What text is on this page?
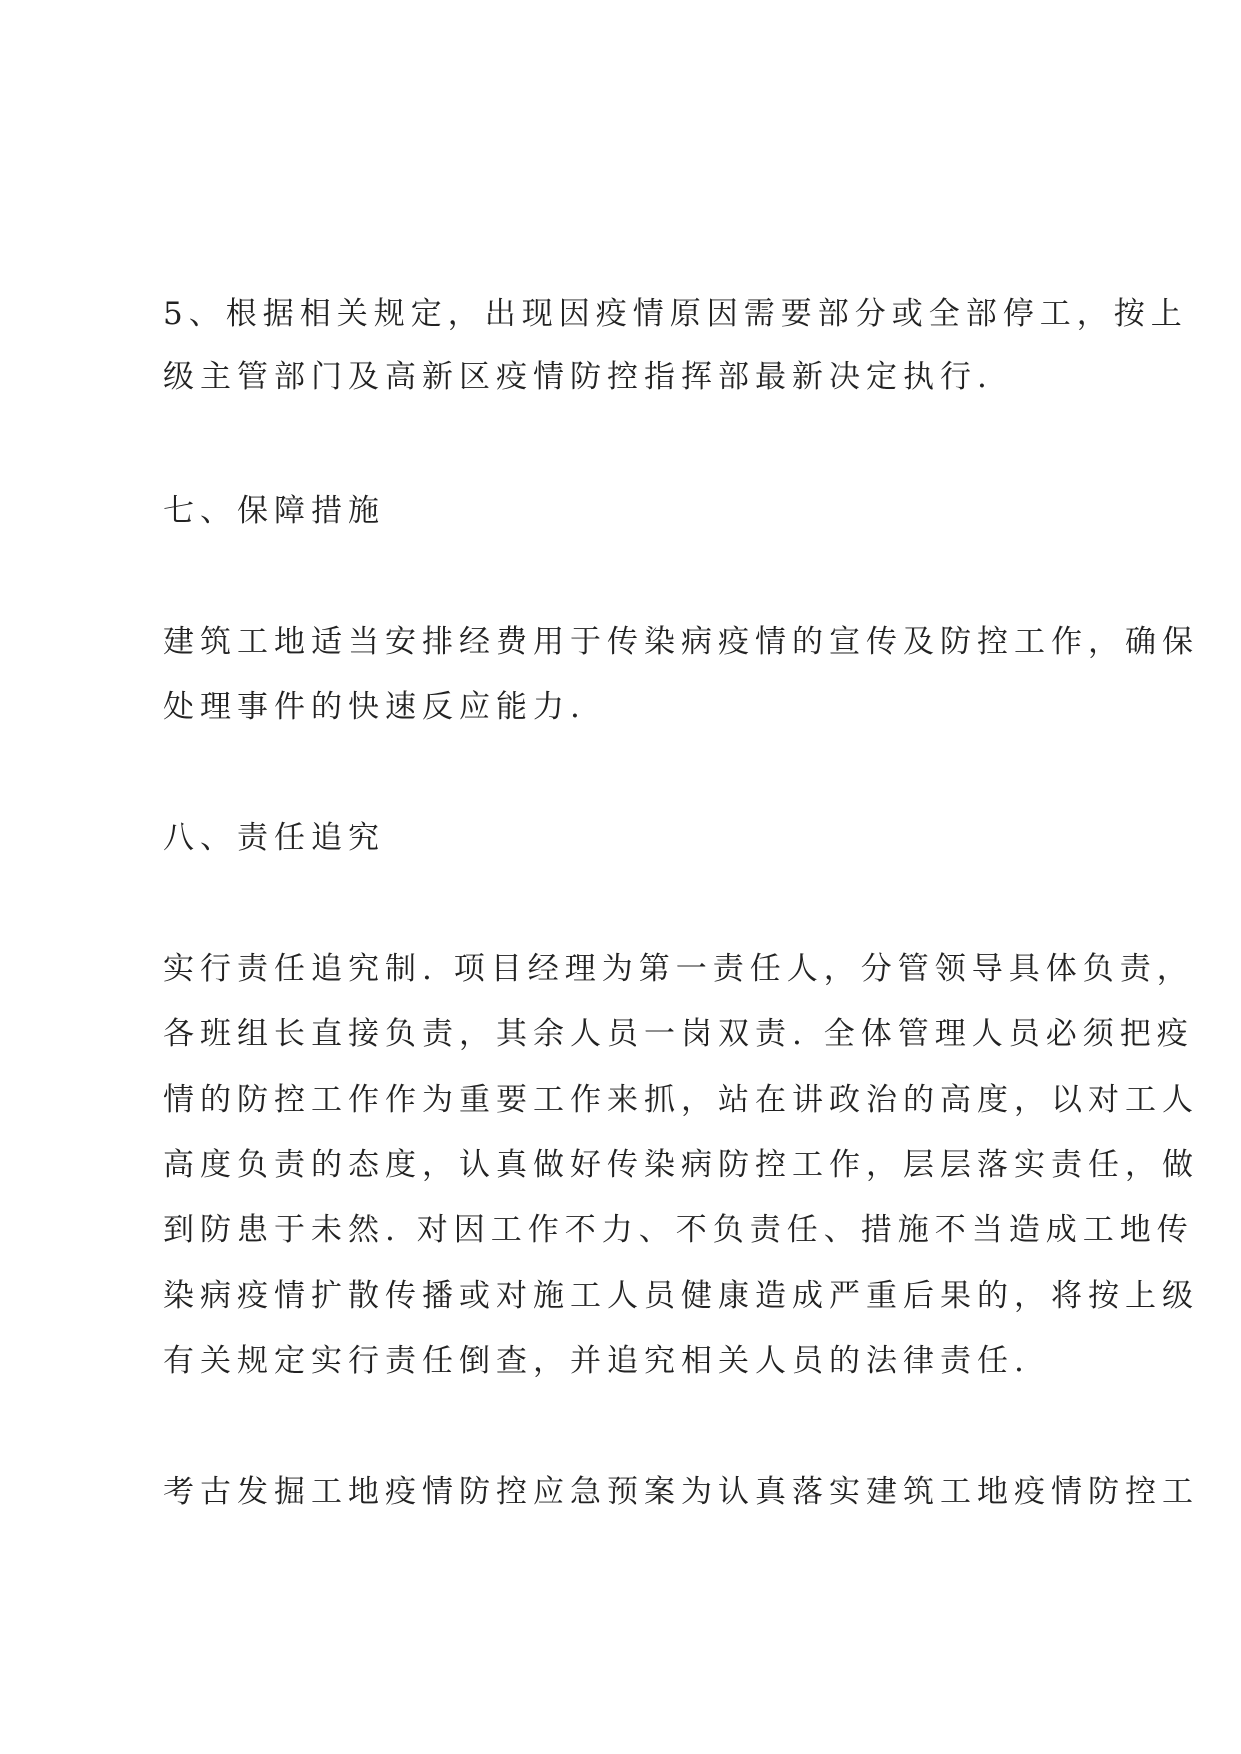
5、根据相关规定，出现因疫情原因需要部分或全部停工，按上
级主管部门及高新区疫情防控指挥部最新决定执行.
七、保障措施
建筑工地适当安排经费用于传染病疫情的宣传及防控工作，确保
处理事件的快速反应能力.
八、责任追究
实行责任追究制. 项目经理为第一责任人，分管领导具体负责，
各班组长直接负责，其余人员一岗双责. 全体管理人员必须把疫
情的防控工作作为重要工作来抓，站在讲政治的高度，以对工人
高度负责的态度，认真做好传染病防控工作，层层落实责任，做
到防患于未然. 对因工作不力、不负责任、措施不当造成工地传
染病疫情扩散传播或对施工人员健康造成严重后果的，将按上级
有关规定实行责任倒查，并追究相关人员的法律责任.
考古发掘工地疫情防控应急预案为认真落实建筑工地疫情防控工
